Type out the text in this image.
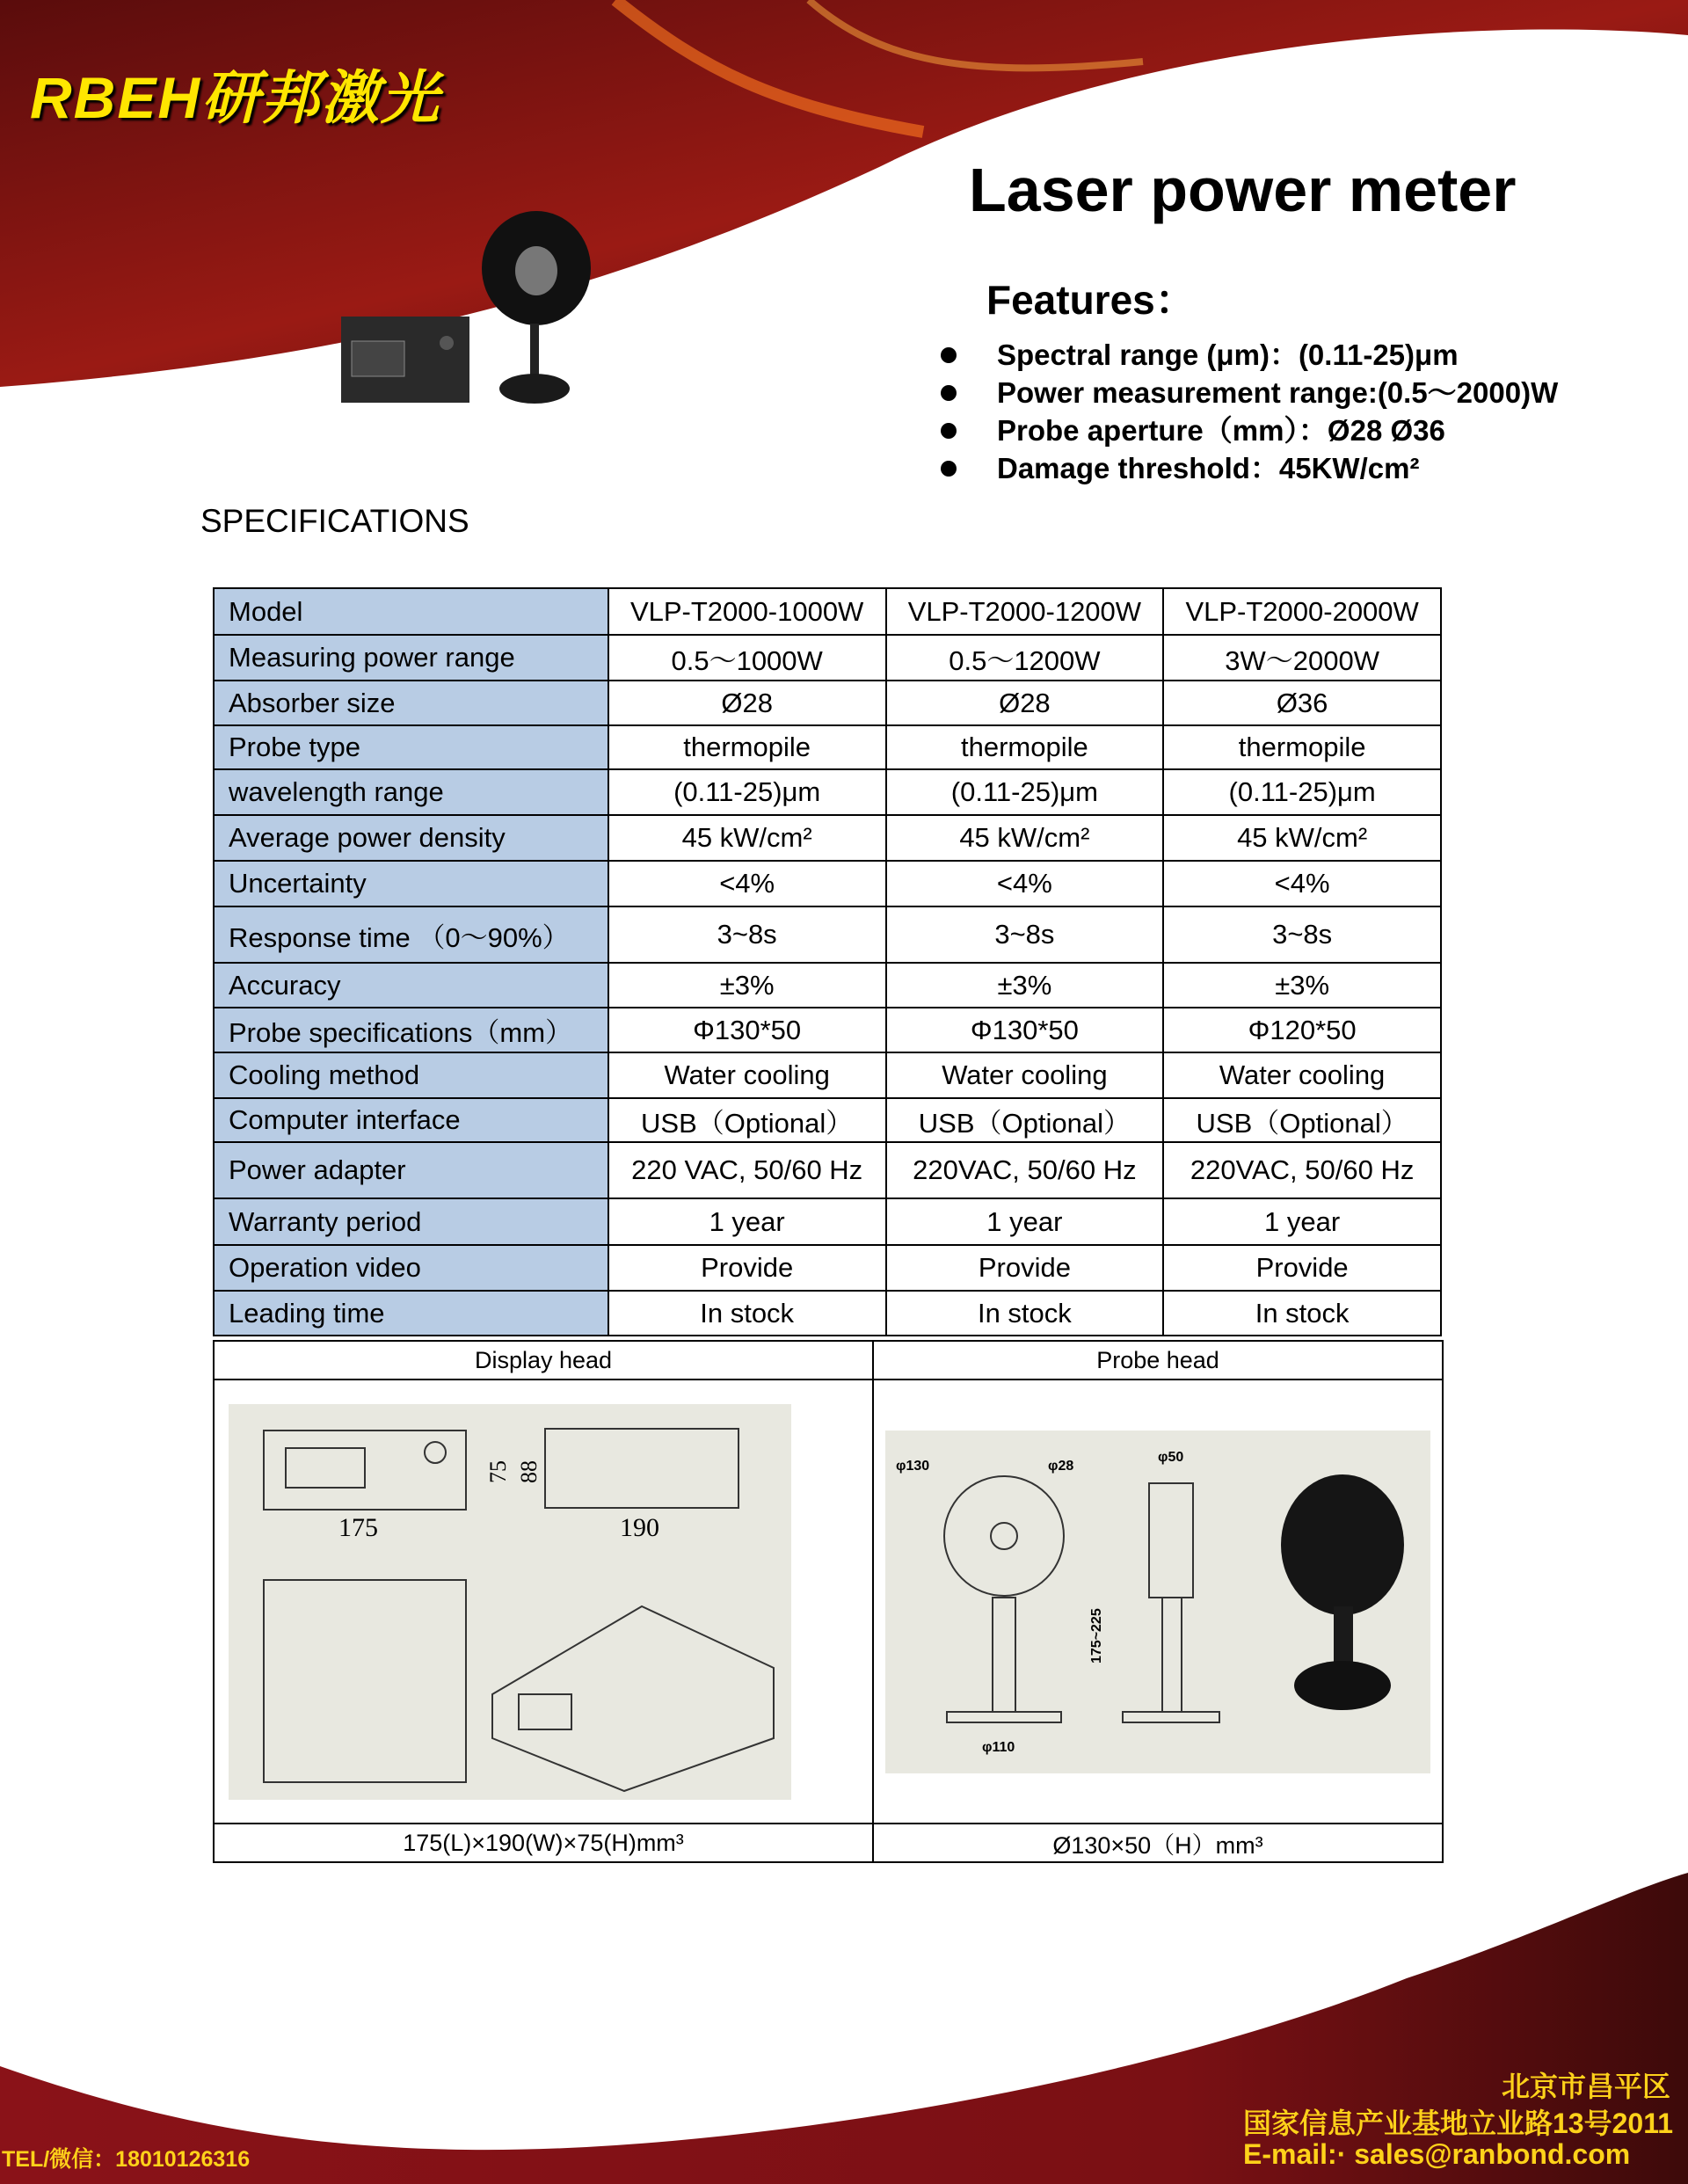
RBEH研邦激光
Laser power meter
Features：
Spectral range (μm)：(0.11-25)μm
Power measurement range:(0.5～2000)W
Probe aperture（mm）：Ø28 Ø36
Damage threshold：45KW/cm²
SPECIFICATIONS
Model	VLP-T2000-1000W	VLP-T2000-1200W	VLP-T2000-2000W
Measuring power range	0.5～1000W	0.5～1200W	3W～2000W
Absorber size	Ø28	Ø28	Ø36
Probe type	thermopile	thermopile	thermopile
wavelength range	(0.11-25)μm	(0.11-25)μm	(0.11-25)μm
Average power density	45 kW/cm²	45 kW/cm²	45 kW/cm²
Uncertainty	<4%	<4%	<4%
Response time （0～90%）	3~8s	3~8s	3~8s
Accuracy	±3%	±3%	±3%
Probe specifications（mm）	Φ130*50	Φ130*50	Φ120*50
Cooling method	Water cooling	Water cooling	Water cooling
Computer interface	USB（Optional）	USB（Optional）	USB（Optional）
Power adapter	220 VAC, 50/60 Hz	220VAC, 50/60 Hz	220VAC, 50/60 Hz
Warranty period	1 year	1 year	1 year
Operation video	Provide	Provide	Provide
Leading time	In stock	In stock	In stock
Display head	Probe head

175 190
75 88	φ130 φ28
φ50
175~225
φ110

175(L)×190(W)×75(H)mm³	Ø130×50（H）mm³
TEL/微信：18010126316
北京市昌平区
国家信息产业基地立业路13号2011
E-mail:· sales@ranbond.com
